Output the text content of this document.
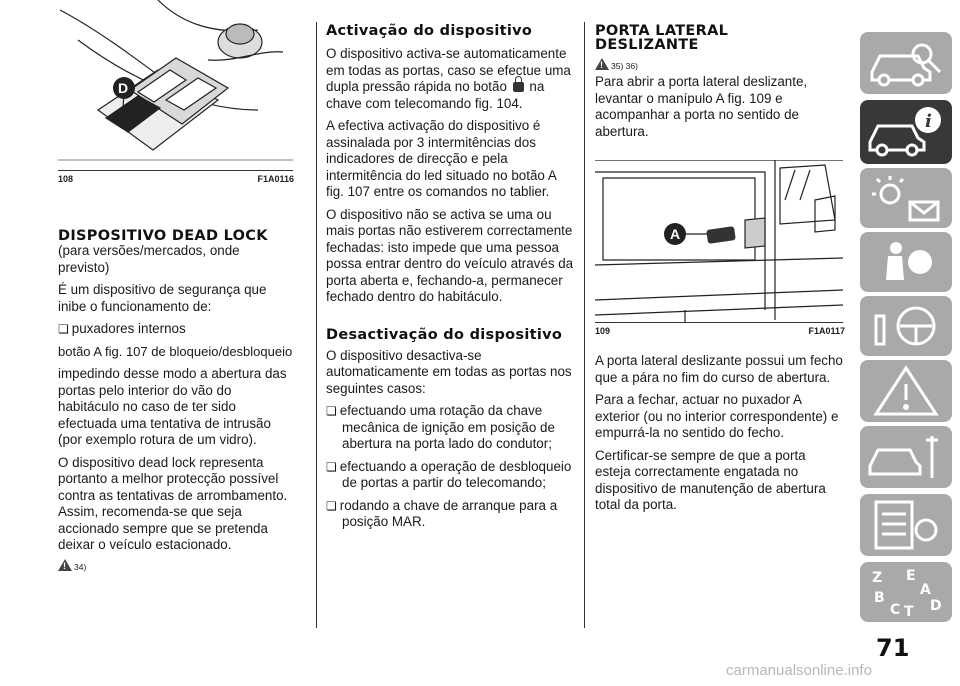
D
108	F1A0116
DISPOSITIVO DEAD LOCK

(para versões/mercados, onde previsto)

É um dispositivo de segurança que inibe o funcionamento de:

❏ puxadores internos

botão A fig. 107 de bloqueio/desbloqueio

impedindo desse modo a abertura das portas pelo interior do vão do habitáculo no caso de ter sido efectuada uma tentativa de intrusão (por exemplo rotura de um vidro).

O dispositivo dead lock representa portanto a melhor protecção possível contra as tentativas de arrombamento. Assim, recomenda-se que seja accionado sempre que se pretenda deixar o veículo estacionado.

! 34)
Activação do dispositivo

O dispositivo activa-se automaticamente em todas as portas, caso se efectue uma dupla pressão rápida no botão na chave com telecomando fig. 104.

A efectiva activação do dispositivo é assinalada por 3 intermitências dos indicadores de direcção e pela intermitência do led situado no botão A fig. 107 entre os comandos no tablier.

O dispositivo não se activa se uma ou mais portas não estiverem correctamente fechadas: isto impede que uma pessoa possa entrar dentro do veículo através da porta aberta e, fechando-a, permanecer fechado dentro do habitáculo.

Desactivação do dispositivo

O dispositivo desactiva-se automaticamente em todas as portas nos seguintes casos:

❏ efectuando uma rotação da chave mecânica de ignição em posição de abertura na porta lado do condutor;

❏ efectuando a operação de desbloqueio de portas a partir do telecomando;

❏ rodando a chave de arranque para a posição MAR.

PORTA LATERAL DESLIZANTE
! 35) 36)

Para abrir a porta lateral deslizante, levantar o manípulo A fig. 109 e acompanhar a porta no sentido de abertura.

A
109	F1A0117

A porta lateral deslizante possui um fecho que a pára no fim do curso de abertura.

Para a fechar, actuar no puxador A exterior (ou no interior correspondente) e empurrá-la no sentido do fecho.

Certificar-se sempre de que a porta esteja correctamente engatada no dispositivo de manutenção de abertura total da porta.

i
Z E
A
B
C T D
71
carmanualsonline.info
